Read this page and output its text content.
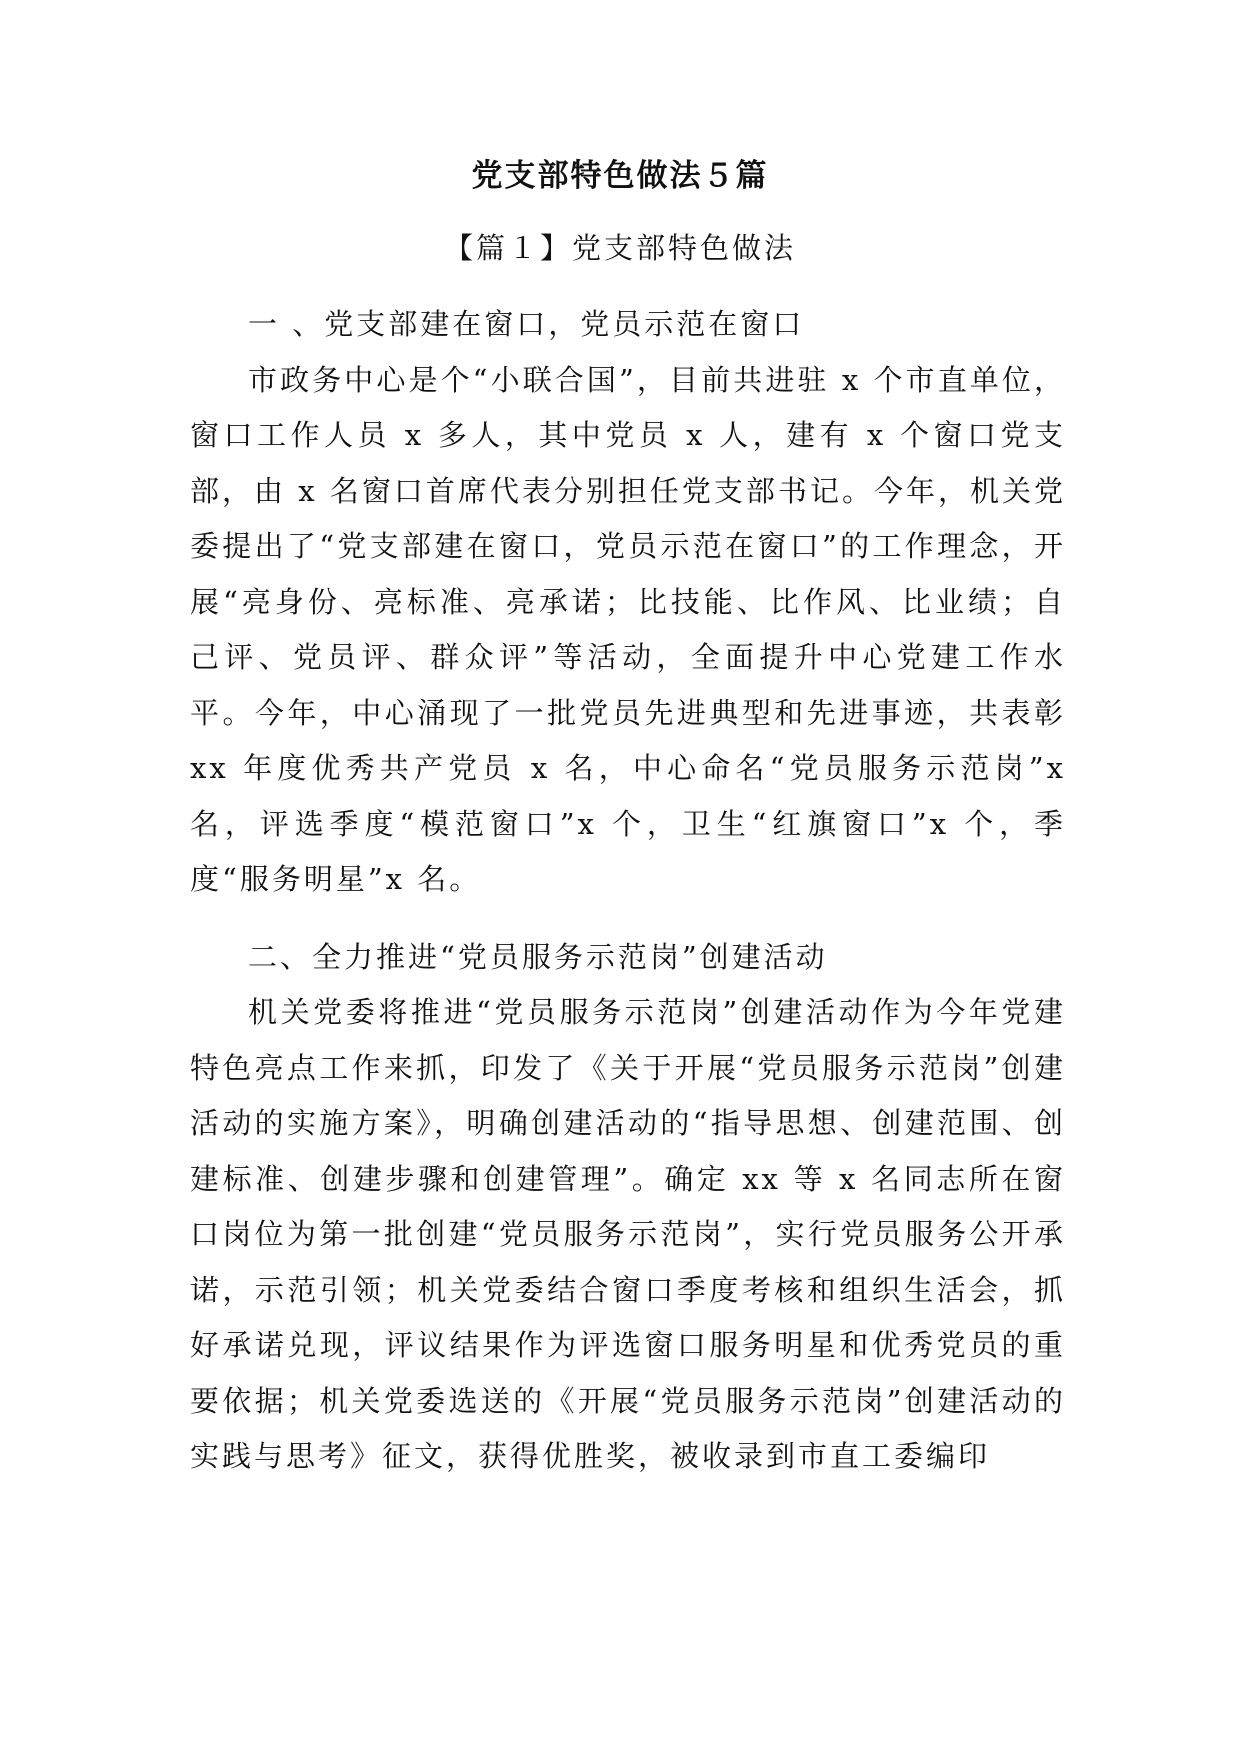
党支部特色做法５篇
【篇１】党支部特色做法
一 、党支部建在窗口，党员示范在窗口

市政务中心是个“小联合国”，目前共进驻 x 个市直单位，窗口工作人员 x 多人，其中党员 x 人，建有 x 个窗口党支部，由 x 名窗口首席代表分别担任党支部书记。今年，机关党委提出了“党支部建在窗口，党员示范在窗口”的工作理念，开展“亮身份、亮标准、亮承诺；比技能、比作风、比业绩；自己评、党员评、群众评”等活动，全面提升中心党建工作水平。今年，中心涌现了一批党员先进典型和先进事迹，共表彰 xx 年度优秀共产党员 x 名，中心命名“党员服务示范岗”x 名，评选季度“模范窗口”x 个，卫生“红旗窗口”x 个，季度“服务明星”x 名。

二、全力推进“党员服务示范岗”创建活动

机关党委将推进“党员服务示范岗”创建活动作为今年党建特色亮点工作来抓，印发了《关于开展“党员服务示范岗”创建活动的实施方案》，明确创建活动的“指导思想、创建范围、创建标准、创建步骤和创建管理”。确定 xx 等 x 名同志所在窗口岗位为第一批创建“党员服务示范岗”，实行党员服务公开承诺，示范引领；机关党委结合窗口季度考核和组织生活会，抓好承诺兑现，评议结果作为评选窗口服务明星和优秀党员的重要依据；机关党委选送的《开展“党员服务示范岗”创建活动的实践与思考》征文，获得优胜奖，被收录到市直工委编印
